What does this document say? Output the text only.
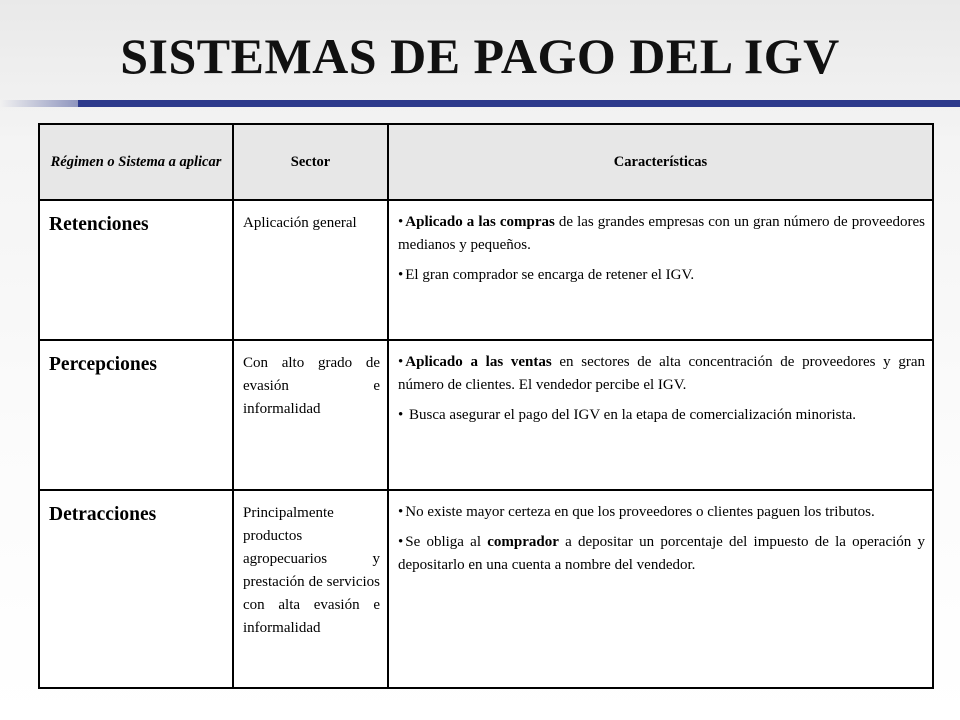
SISTEMAS DE PAGO DEL IGV
Régimen o Sistema a aplicar	Sector	Características
Retenciones	Aplicación general	• Aplicado a las compras de las grandes empresas con un gran número de proveedores medianos y pequeños.

• El gran comprador se encarga de retener el IGV.

Percepciones	Con alto grado de evasión e informalidad	• Aplicado a las ventas en sectores de alta concentración de proveedores y gran número de clientes. El vendedor percibe el IGV.

• Busca asegurar el pago del IGV en la etapa de comercialización minorista.

Detracciones	Principalmente productos agropecuarios y prestación de servicios con alta evasión e informalidad	• No existe mayor certeza en que los proveedores o clientes paguen los tributos.

• Se obliga al comprador a depositar un porcentaje del impuesto de la operación y depositarlo en una cuenta a nombre del vendedor.
